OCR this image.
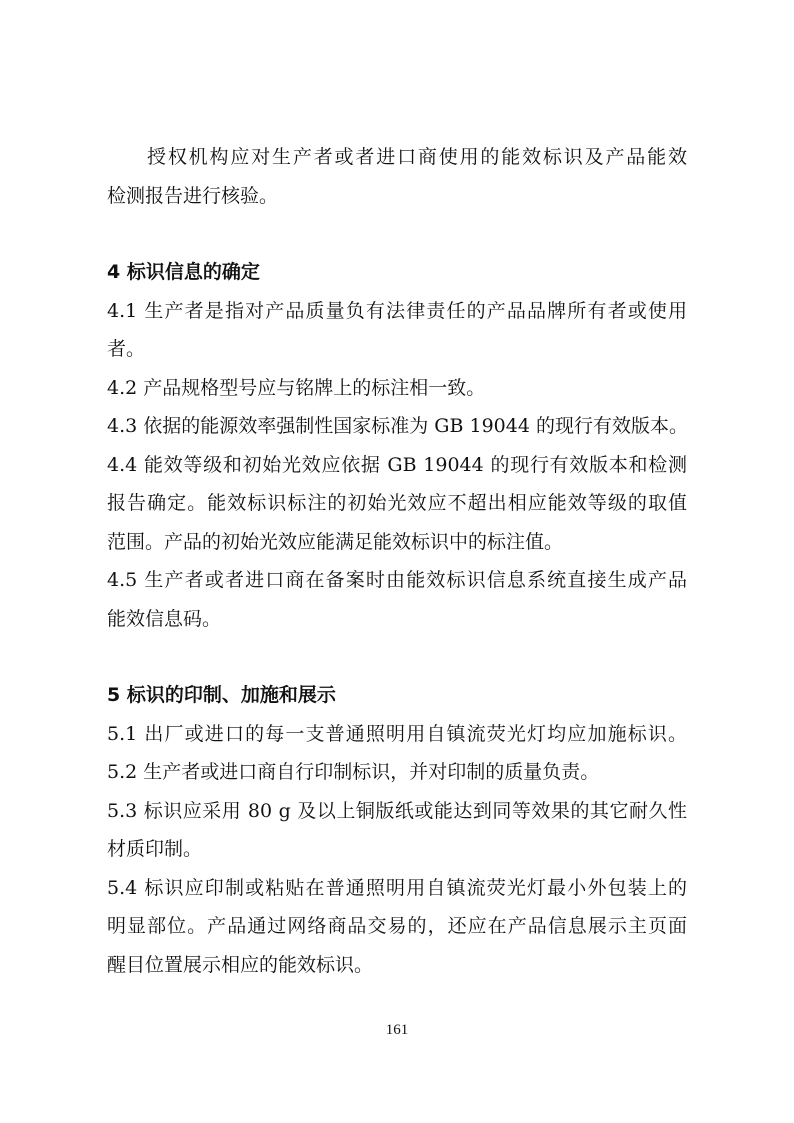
授权机构应对生产者或者进口商使用的能效标识及产品能效
检测报告进行核验。
4 标识信息的确定
4.1 生产者是指对产品质量负有法律责任的产品品牌所有者或使用
者。
4.2 产品规格型号应与铭牌上的标注相一致。
4.3 依据的能源效率强制性国家标准为 GB 19044 的现行有效版本。
4.4 能效等级和初始光效应依据 GB 19044 的现行有效版本和检测
报告确定。能效标识标注的初始光效应不超出相应能效等级的取值
范围。产品的初始光效应能满足能效标识中的标注值。
4.5 生产者或者进口商在备案时由能效标识信息系统直接生成产品
能效信息码。
5 标识的印制、加施和展示
5.1 出厂或进口的每一支普通照明用自镇流荧光灯均应加施标识。
5.2 生产者或进口商自行印制标识，并对印制的质量负责。
5.3 标识应采用 80 g 及以上铜版纸或能达到同等效果的其它耐久性
材质印制。
5.4 标识应印制或粘贴在普通照明用自镇流荧光灯最小外包装上的
明显部位。产品通过网络商品交易的，还应在产品信息展示主页面
醒目位置展示相应的能效标识。
161
